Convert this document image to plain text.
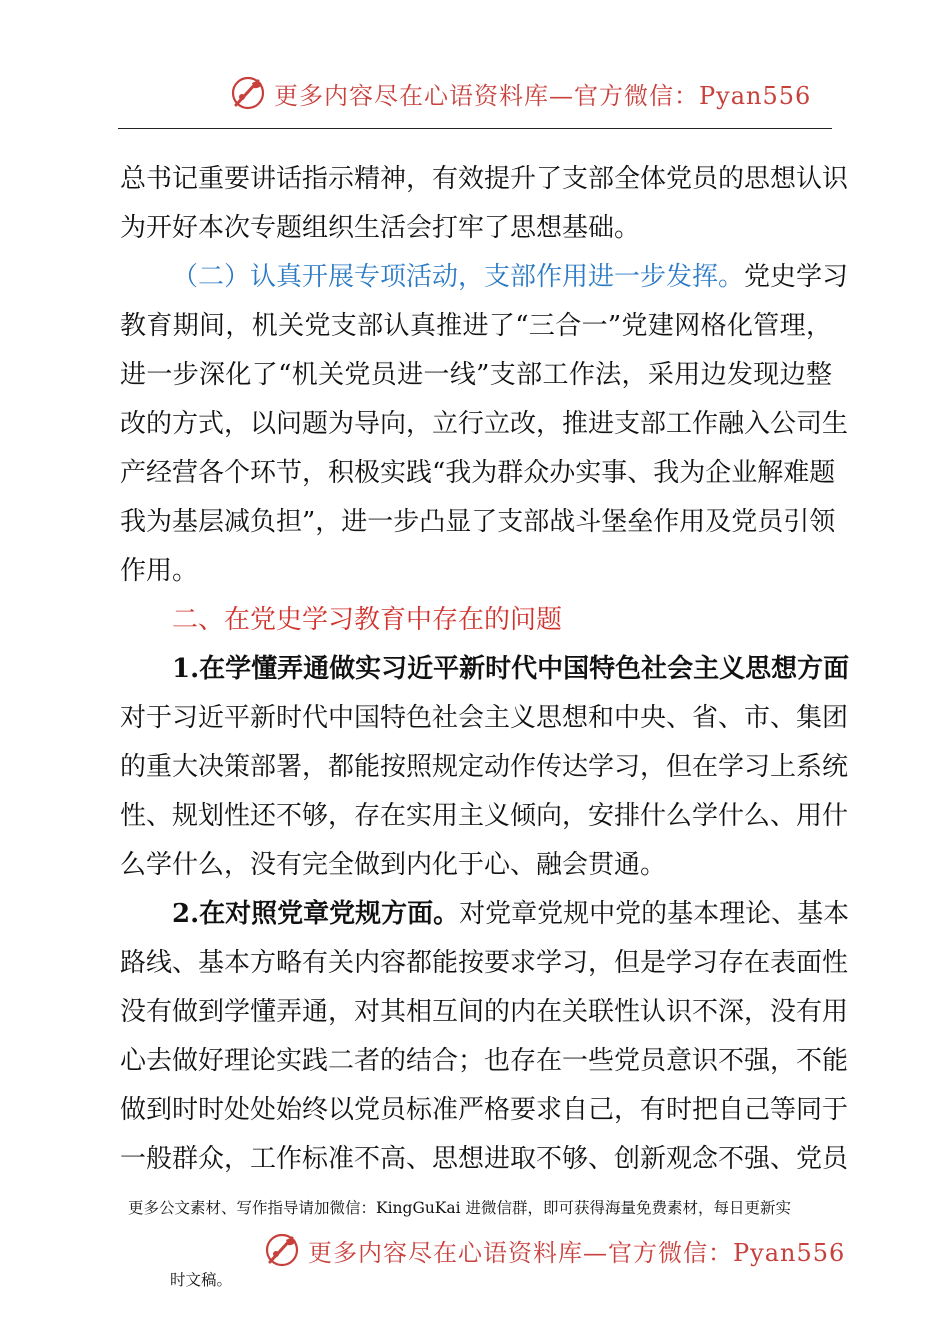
更多内容尽在心语资料库—官方微信：Pyan556
总书记重要讲话指示精神，有效提升了支部全体党员的思想认识
为开好本次专题组织生活会打牢了思想基础。
（二）认真开展专项活动，支部作用进一步发挥。党史学习
教育期间，机关党支部认真推进了“三合一”党建网格化管理，
进一步深化了“机关党员进一线”支部工作法，采用边发现边整
改的方式，以问题为导向，立行立改，推进支部工作融入公司生
产经营各个环节，积极实践“我为群众办实事、我为企业解难题
我为基层减负担”，进一步凸显了支部战斗堡垒作用及党员引领
作用。
二、在党史学习教育中存在的问题
1.在学懂弄通做实习近平新时代中国特色社会主义思想方面
对于习近平新时代中国特色社会主义思想和中央、省、市、集团
的重大决策部署，都能按照规定动作传达学习，但在学习上系统
性、规划性还不够，存在实用主义倾向，安排什么学什么、用什
么学什么，没有完全做到内化于心、融会贯通。
2.在对照党章党规方面。对党章党规中党的基本理论、基本
路线、基本方略有关内容都能按要求学习，但是学习存在表面性
没有做到学懂弄通，对其相互间的内在关联性认识不深，没有用
心去做好理论实践二者的结合；也存在一些党员意识不强，不能
做到时时处处始终以党员标准严格要求自己，有时把自己等同于
一般群众，工作标准不高、思想进取不够、创新观念不强、党员
更多公文素材、写作指导请加微信：KingGuKai 进微信群，即可获得海量免费素材，每日更新实
更多内容尽在心语资料库—官方微信：Pyan556
时文稿。
